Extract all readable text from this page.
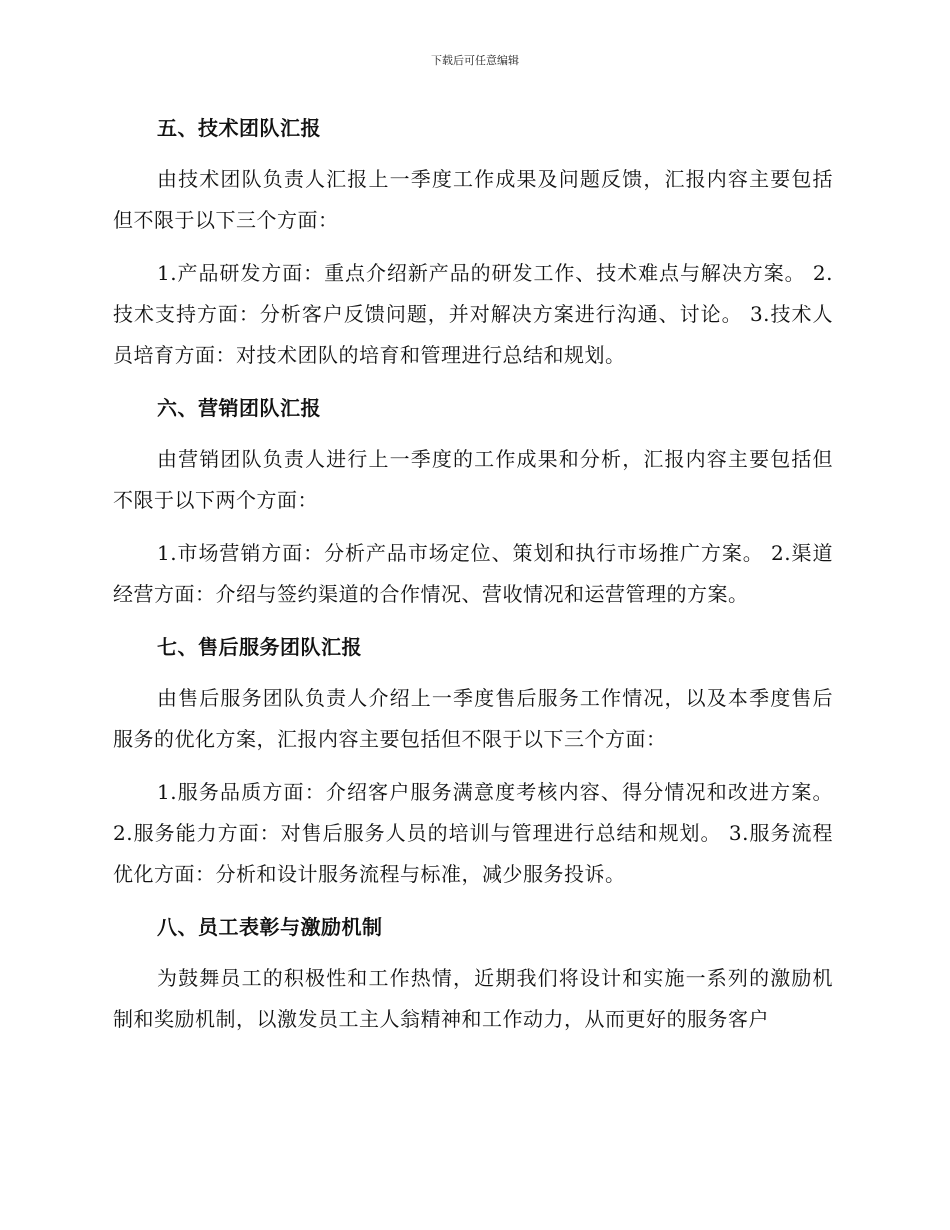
下载后可任意编辑
五、技术团队汇报

由技术团队负责人汇报上一季度工作成果及问题反馈，汇报内容主要包括但不限于以下三个方面：

1.产品研发方面：重点介绍新产品的研发工作、技术难点与解决方案。 2.技术支持方面：分析客户反馈问题，并对解决方案进行沟通、讨论。 3.技术人员培育方面：对技术团队的培育和管理进行总结和规划。

六、营销团队汇报

由营销团队负责人进行上一季度的工作成果和分析，汇报内容主要包括但不限于以下两个方面：

1.市场营销方面：分析产品市场定位、策划和执行市场推广方案。 2.渠道经营方面：介绍与签约渠道的合作情况、营收情况和运营管理的方案。

七、售后服务团队汇报

由售后服务团队负责人介绍上一季度售后服务工作情况，以及本季度售后服务的优化方案，汇报内容主要包括但不限于以下三个方面：

1.服务品质方面：介绍客户服务满意度考核内容、得分情况和改进方案。 2.服务能力方面：对售后服务人员的培训与管理进行总结和规划。 3.服务流程优化方面：分析和设计服务流程与标准，减少服务投诉。

八、员工表彰与激励机制

为鼓舞员工的积极性和工作热情，近期我们将设计和实施一系列的激励机制和奖励机制，以激发员工主人翁精神和工作动力，从而更好的服务客户
